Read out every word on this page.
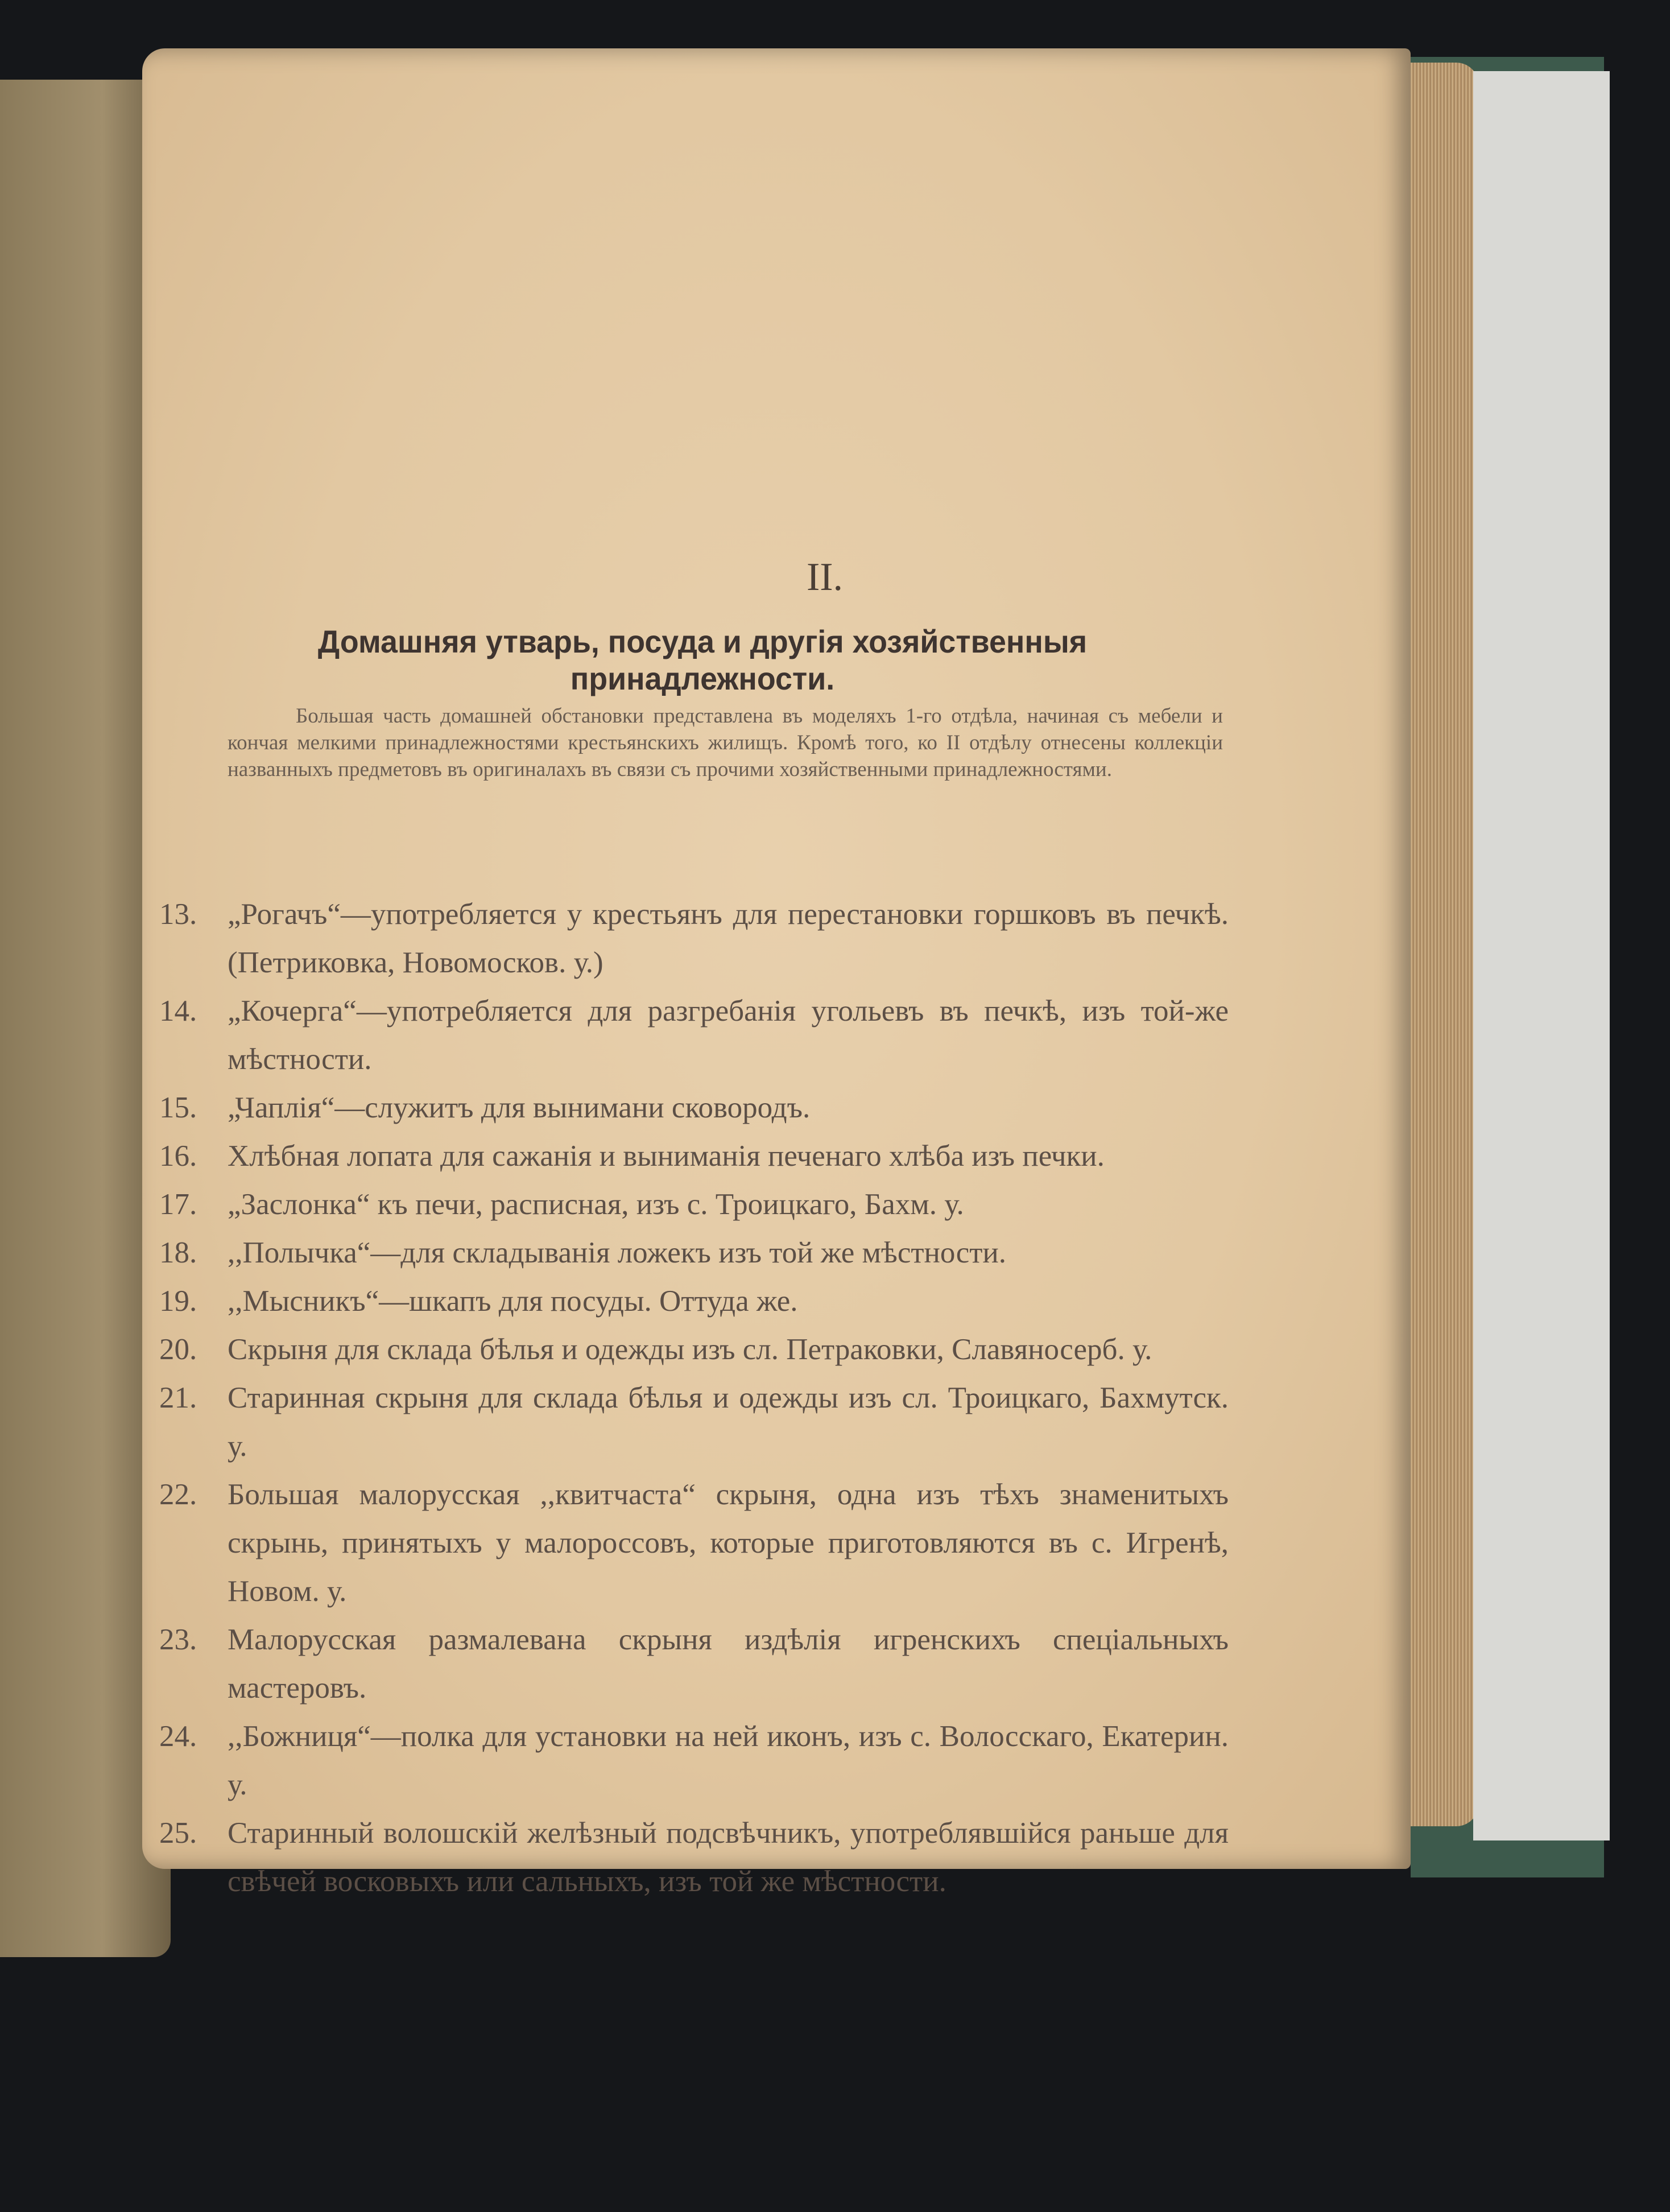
II.
Домашняя утварь, посуда и другія хозяйственныя принадлежности.

Большая часть домашней обстановки представлена въ моделяхъ 1-го отдѣла, начиная съ мебели и кончая мелкими принадлежностями крестьянскихъ жилищъ. Кромѣ того, ко II отдѣлу отнесены коллекціи названныхъ предметовъ въ оригиналахъ въ связи съ прочими хозяйственными принадлежностями.

13. „Рогачъ“—употребляется у крестьянъ для перестановки горшковъ въ печкѣ. (Петриковка, Новомосков. у.)
14. „Кочерга“—употребляется для разгребанія угольевъ въ печкѣ, изъ той-же мѣстности.
15. „Чаплія“—служитъ для вынимани сковородъ.
16. Хлѣбная лопата для сажанія и выниманія печенаго хлѣба изъ печки.
17. „Заслонка“ къ печи, расписная, изъ с. Троицкаго, Бахм. у.
18. ,,Полычка“—для складыванія ложекъ изъ той же мѣстности.
19. ,,Мысникъ“—шкапъ для посуды. Оттуда же.
20. Скрыня для склада бѣлья и одежды изъ сл. Петраковки, Славяносерб. у.
21. Старинная скрыня для склада бѣлья и одежды изъ сл. Троицкаго, Бахмутск. у.
22. Большая малорусская ,,квитчаста“ скрыня, одна изъ тѣхъ знаменитыхъ скрынь, принятыхъ у малороссовъ, которые приготовляются въ с. Игренѣ, Новом. у.
23. Малорусская размалевана скрыня издѣлія игренскихъ спеціальныхъ мастеровъ.
24. ,,Божниця“—полка для установки на ней иконъ, изъ с. Волосскаго, Екатерин. у.
25. Старинный волошскій желѣзный подсвѣчникъ, употреблявшійся раньше для свѣчей восковыхъ или сальныхъ, изъ той же мѣстности.
